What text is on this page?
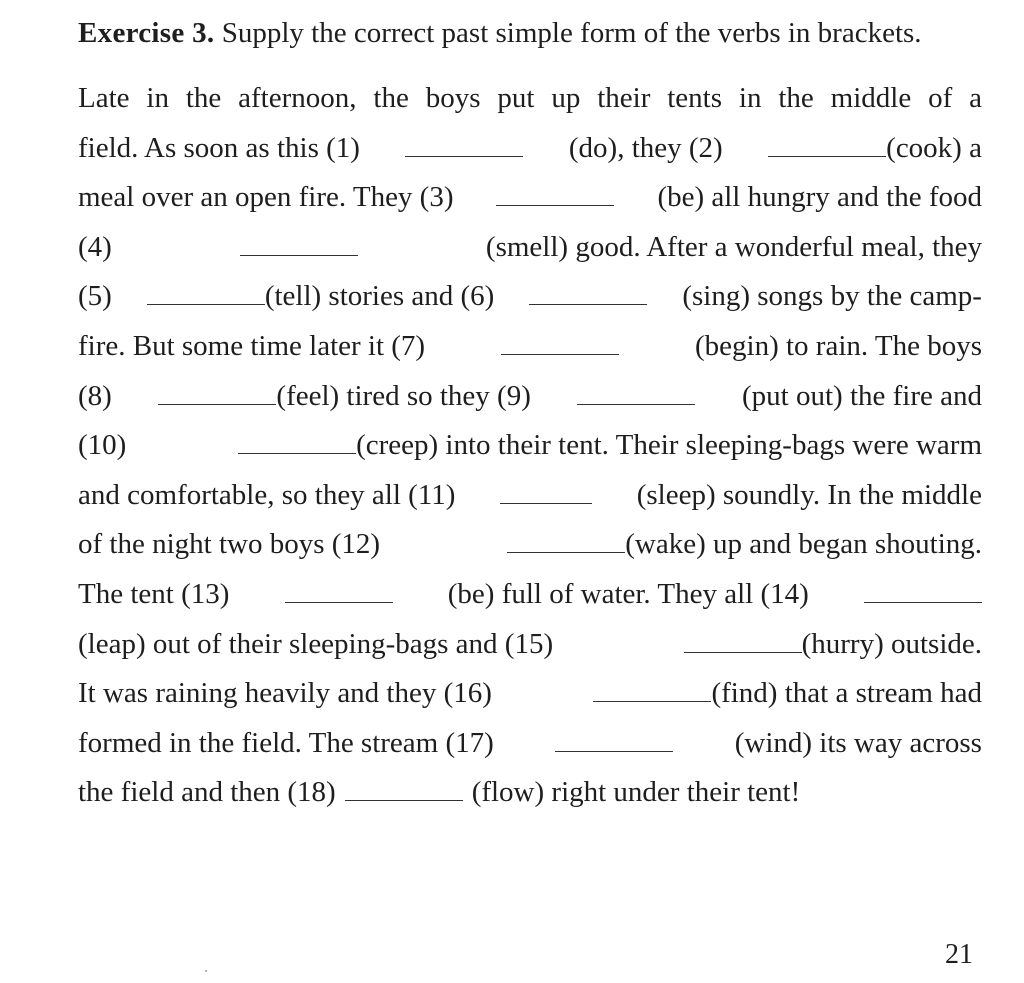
Exercise 3. Supply the correct past simple form of the verbs in brackets.

Late in the afternoon, the boys put up their tents in the middle of a
field. As soon as this (1)	(do), they (2)	(cook) a
meal over an open fire. They (3)	(be) all hungry and the food
(4)	(smell) good. After a wonderful meal, they
(5)	(tell) stories and (6)	(sing) songs by the camp-
fire. But some time later it (7)	(begin) to rain. The boys
(8)	(feel) tired so they (9)	(put out) the fire and
(10)	(creep) into their tent. Their sleeping-bags were warm
and comfortable, so they all (11)	(sleep) soundly. In the middle
of the night two boys (12)	(wake) up and began shouting.
The tent (13)	(be) full of water. They all (14)
(leap) out of their sleeping-bags and (15)	(hurry) outside.
It was raining heavily and they (16)	(find) that a stream had
formed in the field. The stream (17)	(wind) its way across
the field and then (18)	(flow) right under their tent!
21
